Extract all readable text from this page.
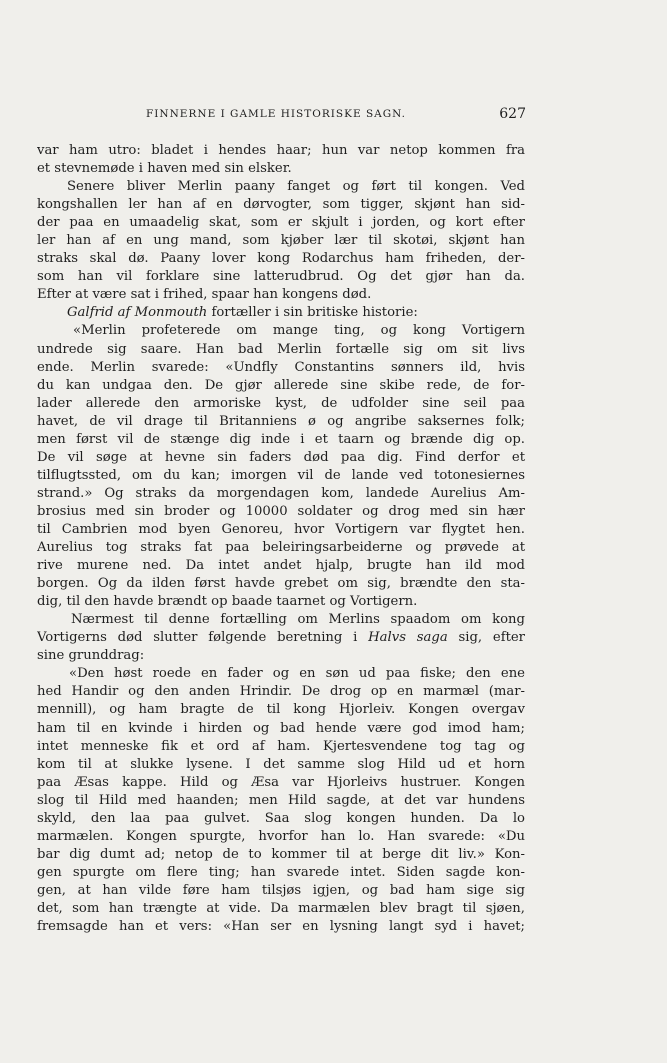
FINNERNE I GAMLE HISTORISKE SAGN.	627
var ham utro: bladet i hendes haar; hun var netop kommen fra
et stevnemøde i haven med sin elsker.
Senere bliver Merlin paany fanget og ført til kongen. Ved
kongshallen ler han af en dørvogter, som tigger, skjønt han sid-
der paa en umaadelig skat, som er skjult i jorden, og kort efter
ler han af en ung mand, som kjøber lær til skotøi, skjønt han
straks skal dø. Paany lover kong Rodarchus ham friheden, der-
som han vil forklare sine latterudbrud. Og det gjør han da.
Efter at være sat i frihed, spaar han kongens død.
Galfrid af Monmouth fortæller i sin britiske historie:
«Merlin profeterede om mange ting, og kong Vortigern
undrede sig saare. Han bad Merlin fortælle sig om sit livs
ende. Merlin svarede: «Undfly Constantins sønners ild, hvis
du kan undgaa den. De gjør allerede sine skibe rede, de for-
lader allerede den armoriske kyst, de udfolder sine seil paa
havet, de vil drage til Britanniens ø og angribe saksernes folk;
men først vil de stænge dig inde i et taarn og brænde dig op.
De vil søge at hevne sin faders død paa dig. Find derfor et
tilflugtssted, om du kan; imorgen vil de lande ved totonesiernes
strand.» Og straks da morgendagen kom, landede Aurelius Am-
brosius med sin broder og 10000 soldater og drog med sin hær
til Cambrien mod byen Genoreu, hvor Vortigern var flygtet hen.
Aurelius tog straks fat paa beleiringsarbeiderne og prøvede at
rive murene ned. Da intet andet hjalp, brugte han ild mod
borgen. Og da ilden først havde grebet om sig, brændte den sta-
dig, til den havde brændt op baade taarnet og Vortigern.
Nærmest til denne fortælling om Merlins spaadom om kong
Vortigerns død slutter følgende beretning i Halvs saga sig, efter
sine grunddrag:
«Den høst roede en fader og en søn ud paa fiske; den ene
hed Handir og den anden Hrindir. De drog op en marmæl (mar-
mennill), og ham bragte de til kong Hjorleiv. Kongen overgav
ham til en kvinde i hirden og bad hende være god imod ham;
intet menneske fik et ord af ham. Kjertesvendene tog tag og
kom til at slukke lysene. I det samme slog Hild ud et horn
paa Æsas kappe. Hild og Æsa var Hjorleivs hustruer. Kongen
slog til Hild med haanden; men Hild sagde, at det var hundens
skyld, den laa paa gulvet. Saa slog kongen hunden. Da lo
marmælen. Kongen spurgte, hvorfor han lo. Han svarede: «Du
bar dig dumt ad; netop de to kommer til at berge dit liv.» Kon-
gen spurgte om flere ting; han svarede intet. Siden sagde kon-
gen, at han vilde føre ham tilsjøs igjen, og bad ham sige sig
det, som han trængte at vide. Da marmælen blev bragt til sjøen,
fremsagde han et vers: «Han ser en lysning langt syd i havet;
